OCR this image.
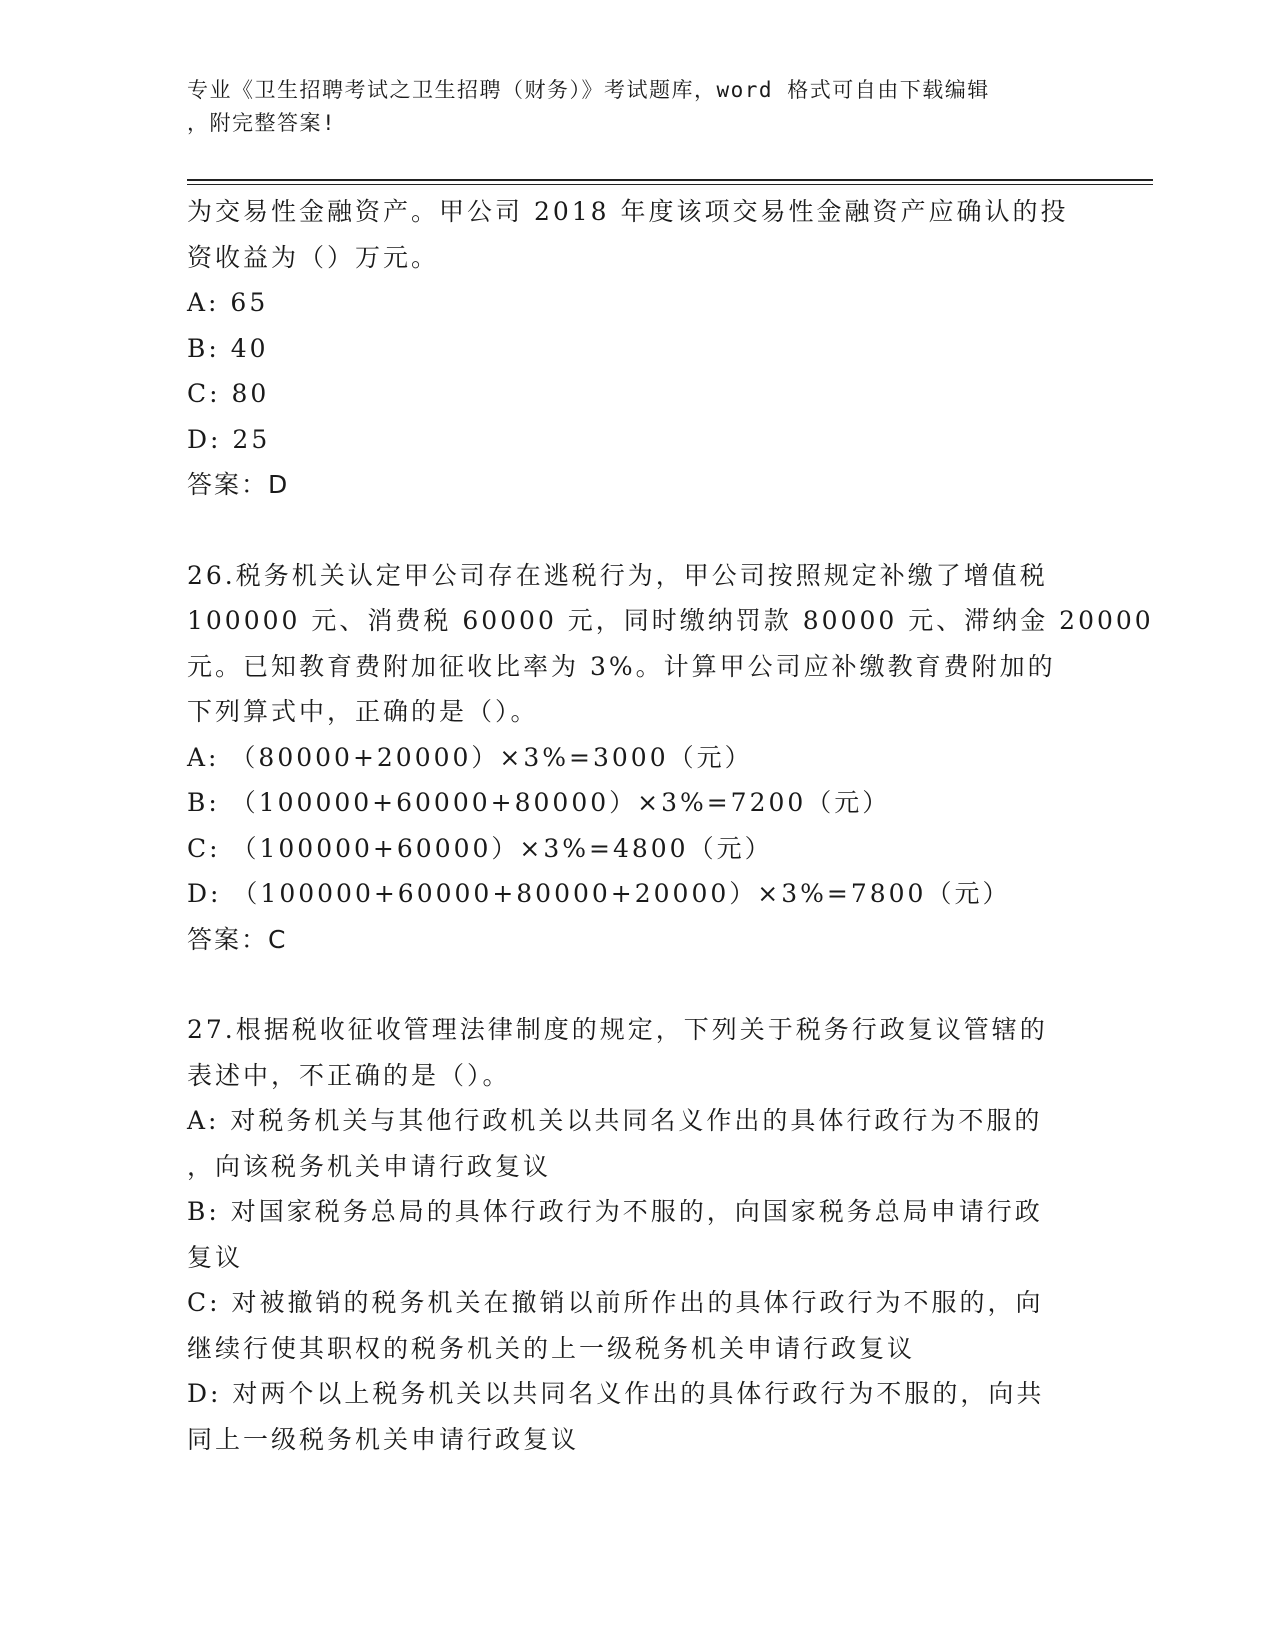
专业《卫生招聘考试之卫生招聘（财务）》考试题库，word 格式可自由下载编辑
，附完整答案!
为交易性金融资产。甲公司 2018 年度该项交易性金融资产应确认的投
资收益为（）万元。
A: 65
B: 40
C: 80
D: 25
答案：D
26.税务机关认定甲公司存在逃税行为，甲公司按照规定补缴了增值税
100000 元、消费税 60000 元，同时缴纳罚款 80000 元、滞纳金 20000
元。已知教育费附加征收比率为 3%。计算甲公司应补缴教育费附加的
下列算式中，正确的是（）。
A: （80000+20000）×3%=3000（元）
B: （100000+60000+80000）×3%=7200（元）
C: （100000+60000）×3%=4800（元）
D: （100000+60000+80000+20000）×3%=7800（元）
答案：C
27.根据税收征收管理法律制度的规定，下列关于税务行政复议管辖的
表述中，不正确的是（）。
A: 对税务机关与其他行政机关以共同名义作出的具体行政行为不服的
，向该税务机关申请行政复议
B: 对国家税务总局的具体行政行为不服的，向国家税务总局申请行政
复议
C: 对被撤销的税务机关在撤销以前所作出的具体行政行为不服的，向
继续行使其职权的税务机关的上一级税务机关申请行政复议
D: 对两个以上税务机关以共同名义作出的具体行政行为不服的，向共
同上一级税务机关申请行政复议
